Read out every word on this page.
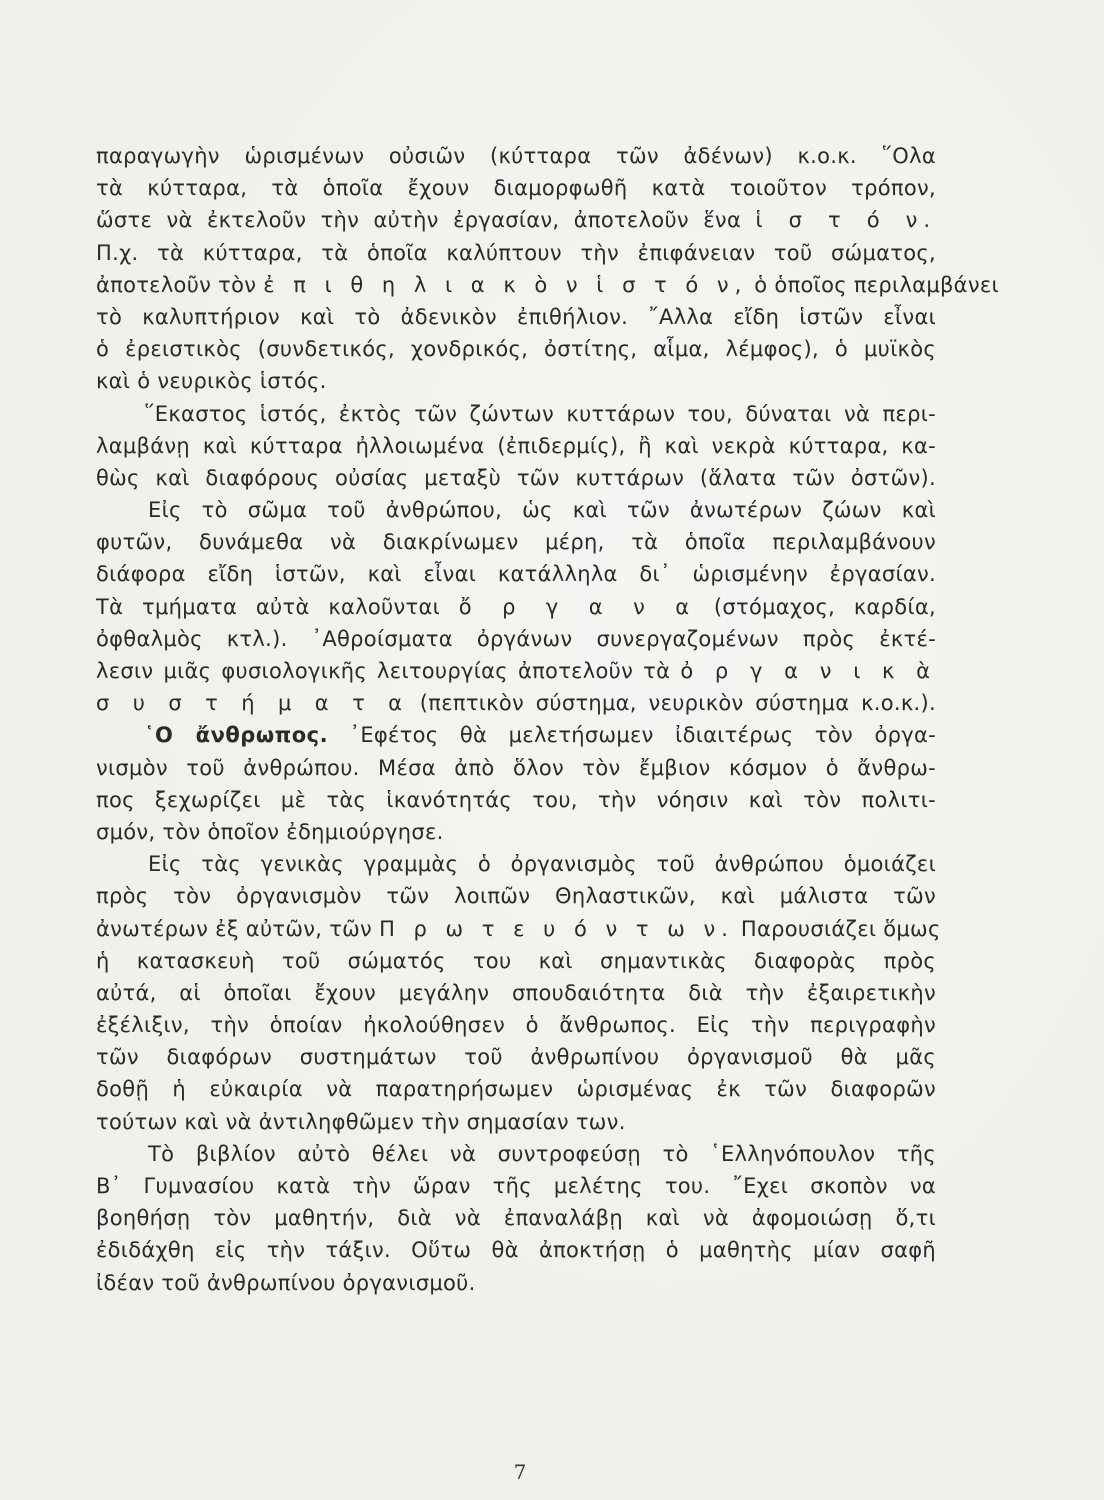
παραγωγὴν ὡρισμένων οὐσιῶν (κύτταρα τῶν ἀδένων) κ.ο.κ. ῞Ολα
τὰ κύτταρα, τὰ ὁποῖα ἔχουν διαμορφωθῆ κατὰ τοιοῦτον τρόπον,
ὥστε νὰ ἐκτελοῦν τὴν αὐτὴν ἐργασίαν, ἀποτελοῦν ἕνα ἱ σ τ ό ν.
Π.χ. τὰ κύτταρα, τὰ ὁποῖα καλύπτουν τὴν ἐπιφάνειαν τοῦ σώματος,
ἀποτελοῦν τὸν ἐ π ι θ η λ ι α κ ὸ ν ἱ σ τ ό ν, ὁ ὁποῖος περιλαμβάνει
τὸ καλυπτήριον καὶ τὸ ἀδενικὸν ἐπιθήλιον. ῎Αλλα εἴδη ἱστῶν εἶναι
ὁ ἐρειστικὸς (συνδετικός, χονδρικός, ὀστίτης, αἷμα, λέμφος), ὁ μυϊκὸς
καὶ ὁ νευρικὸς ἱστός.
῞Εκαστος ἱστός, ἐκτὸς τῶν ζώντων κυττάρων του, δύναται νὰ περι-
λαμβάνῃ καὶ κύτταρα ἠλλοιωμένα (ἐπιδερμίς), ἢ καὶ νεκρὰ κύτταρα, κα-
θὼς καὶ διαφόρους οὐσίας μεταξὺ τῶν κυττάρων (ἅλατα τῶν ὀστῶν).
Εἰς τὸ σῶμα τοῦ ἀνθρώπου, ὡς καὶ τῶν ἀνωτέρων ζώων καὶ
φυτῶν, δυνάμεθα νὰ διακρίνωμεν μέρη, τὰ ὁποῖα περιλαμβάνουν
διάφορα εἴδη ἱστῶν, καὶ εἶναι κατάλληλα δι᾽ ὡρισμένην ἐργασίαν.
Τὰ τμήματα αὐτὰ καλοῦνται ὄ ρ γ α ν α (στόμαχος, καρδία,
ὀφθαλμὸς κτλ.). ᾽Αθροίσματα ὀργάνων συνεργαζομένων πρὸς ἐκτέ-
λεσιν μιᾶς φυσιολογικῆς λειτουργίας ἀποτελοῦν τὰ ὀ ρ γ α ν ι κ ὰ
σ υ σ τ ή μ α τ α (πεπτικὸν σύστημα, νευρικὸν σύστημα κ.ο.κ.).
῾Ο ἄνθρωπος. ᾽Εφέτος θὰ μελετήσωμεν ἰδιαιτέρως τὸν ὀργα-
νισμὸν τοῦ ἀνθρώπου. Μέσα ἀπὸ ὅλον τὸν ἔμβιον κόσμον ὁ ἄνθρω-
πος ξεχωρίζει μὲ τὰς ἱκανότητάς του, τὴν νόησιν καὶ τὸν πολιτι-
σμόν, τὸν ὁποῖον ἐδημιούργησε.
Εἰς τὰς γενικὰς γραμμὰς ὁ ὀργανισμὸς τοῦ ἀνθρώπου ὁμοιάζει
πρὸς τὸν ὀργανισμὸν τῶν λοιπῶν Θηλαστικῶν, καὶ μάλιστα τῶν
ἀνωτέρων ἐξ αὐτῶν, τῶν Π ρ ω τ ε υ ό ν τ ω ν. Παρουσιάζει ὅμως
ἡ κατασκευὴ τοῦ σώματός του καὶ σημαντικὰς διαφορὰς πρὸς
αὐτά, αἱ ὁποῖαι ἔχουν μεγάλην σπουδαιότητα διὰ τὴν ἐξαιρετικὴν
ἐξέλιξιν, τὴν ὁποίαν ἠκολούθησεν ὁ ἄνθρωπος. Εἰς τὴν περιγραφὴν
τῶν διαφόρων συστημάτων τοῦ ἀνθρωπίνου ὀργανισμοῦ θὰ μᾶς
δοθῇ ἡ εὐκαιρία νὰ παρατηρήσωμεν ὡρισμένας ἐκ τῶν διαφορῶν
τούτων καὶ νὰ ἀντιληφθῶμεν τὴν σημασίαν των.
Τὸ βιβλίον αὐτὸ θέλει νὰ συντροφεύσῃ τὸ ῾Ελληνόπουλον τῆς
Β᾽ Γυμνασίου κατὰ τὴν ὥραν τῆς μελέτης του. ῎Εχει σκοπὸν να
βοηθήσῃ τὸν μαθητήν, διὰ νὰ ἐπαναλάβῃ καὶ νὰ ἀφομοιώσῃ ὅ,τι
ἐδιδάχθη εἰς τὴν τάξιν. Οὕτω θὰ ἀποκτήσῃ ὁ μαθητὴς μίαν σαφῆ
ἰδέαν τοῦ ἀνθρωπίνου ὀργανισμοῦ.
7
